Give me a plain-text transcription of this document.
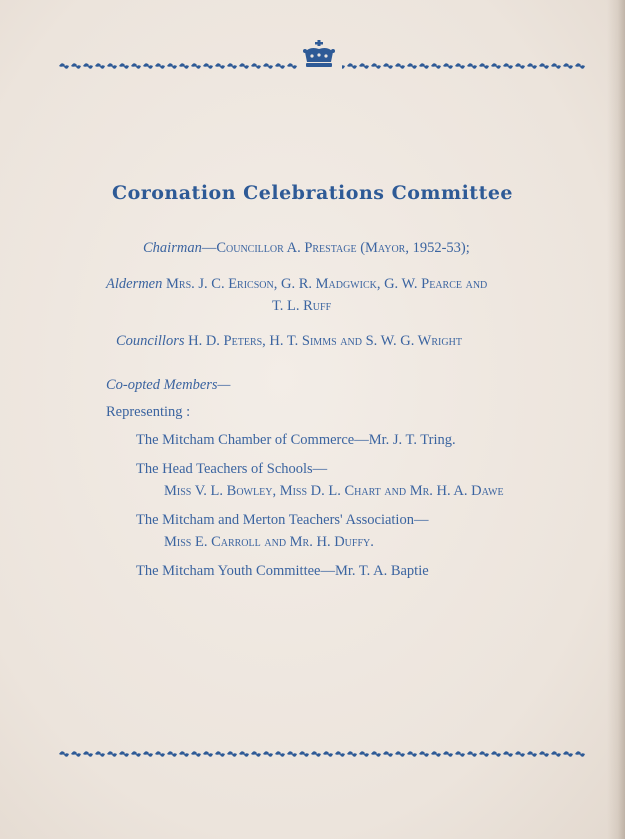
Coronation Celebrations Committee
Chairman—Councillor A. Prestage (Mayor, 1952-53);
Aldermen Mrs. J. C. Ericson, G. R. Madgwick, G. W. Pearce and
T. L. Ruff
Councillors H. D. Peters, H. T. Simms and S. W. G. Wright
Co-opted Members—
Representing :
The Mitcham Chamber of Commerce—Mr. J. T. Tring.
The Head Teachers of Schools—
Miss V. L. Bowley, Miss D. L. Chart and Mr. H. A. Dawe
The Mitcham and Merton Teachers' Association—
Miss E. Carroll and Mr. H. Duffy.
The Mitcham Youth Committee—Mr. T. A. Baptie
